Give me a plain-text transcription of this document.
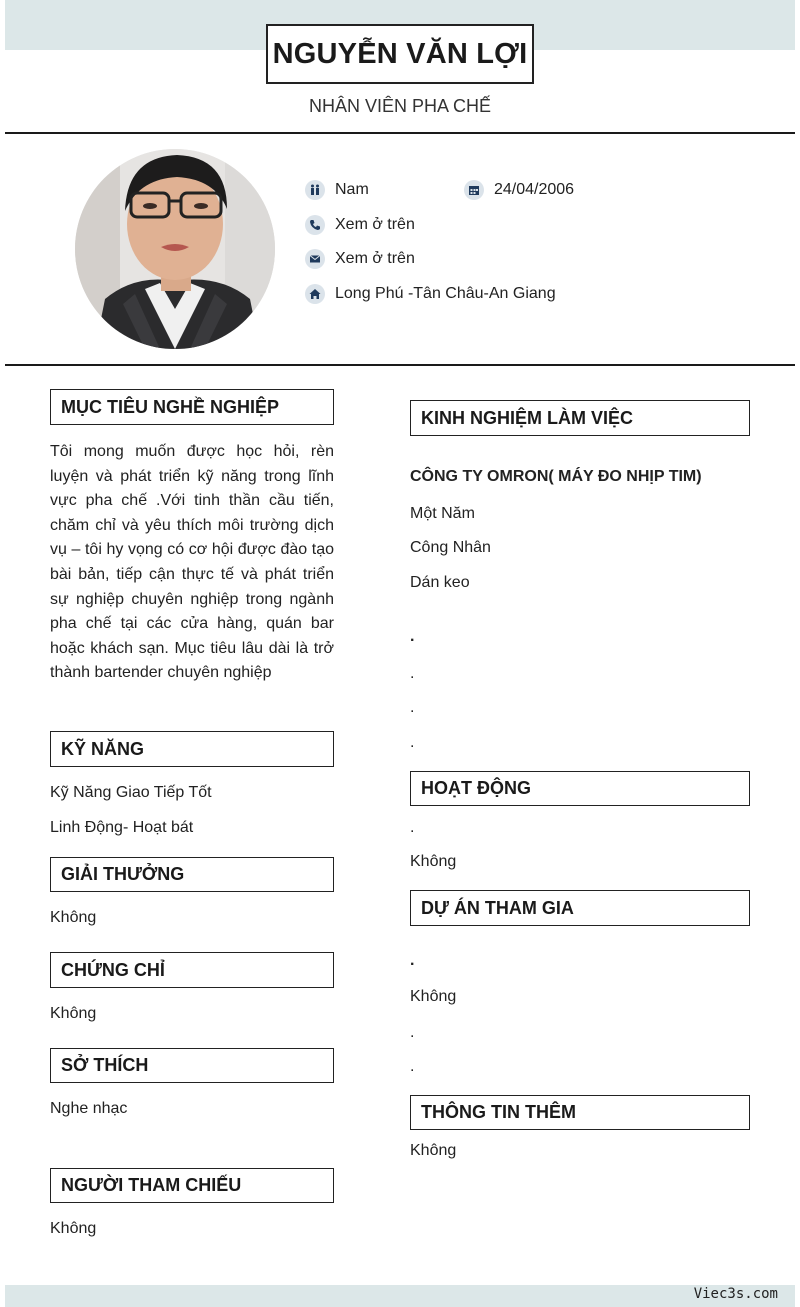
NGUYỄN VĂN LỢI
NHÂN VIÊN PHA CHẾ
Nam	24/04/2006
Xem ở trên
Xem ở trên
Long Phú -Tân Châu-An Giang
MỤC TIÊU NGHỀ NGHIỆP
Tôi mong muốn được học hỏi, rèn luyện và phát triển kỹ năng trong lĩnh vực pha chế .Với tinh thần cầu tiến, chăm chỉ và yêu thích môi trường dịch vụ – tôi hy vọng có cơ hội được đào tạo bài bản, tiếp cận thực tế và phát triển sự nghiệp chuyên nghiệp trong ngành pha chế tại các cửa hàng, quán bar hoặc khách sạn. Mục tiêu lâu dài là trở thành bartender chuyên nghiệp
KỸ NĂNG
Kỹ Năng Giao Tiếp Tốt
Linh Động- Hoạt bát
GIẢI THƯỞNG
Không
CHỨNG CHỈ
Không
SỞ THÍCH
Nghe nhạc
NGƯỜI THAM CHIẾU
Không
KINH NGHIỆM LÀM VIỆC
CÔNG TY OMRON( MÁY ĐO NHỊP TIM)
Một Năm
Công Nhân
Dán keo
.
.
.
.
HOẠT ĐỘNG
.
Không
DỰ ÁN THAM GIA
.
Không
.
.
THÔNG TIN THÊM
Không
Viec3s.com
